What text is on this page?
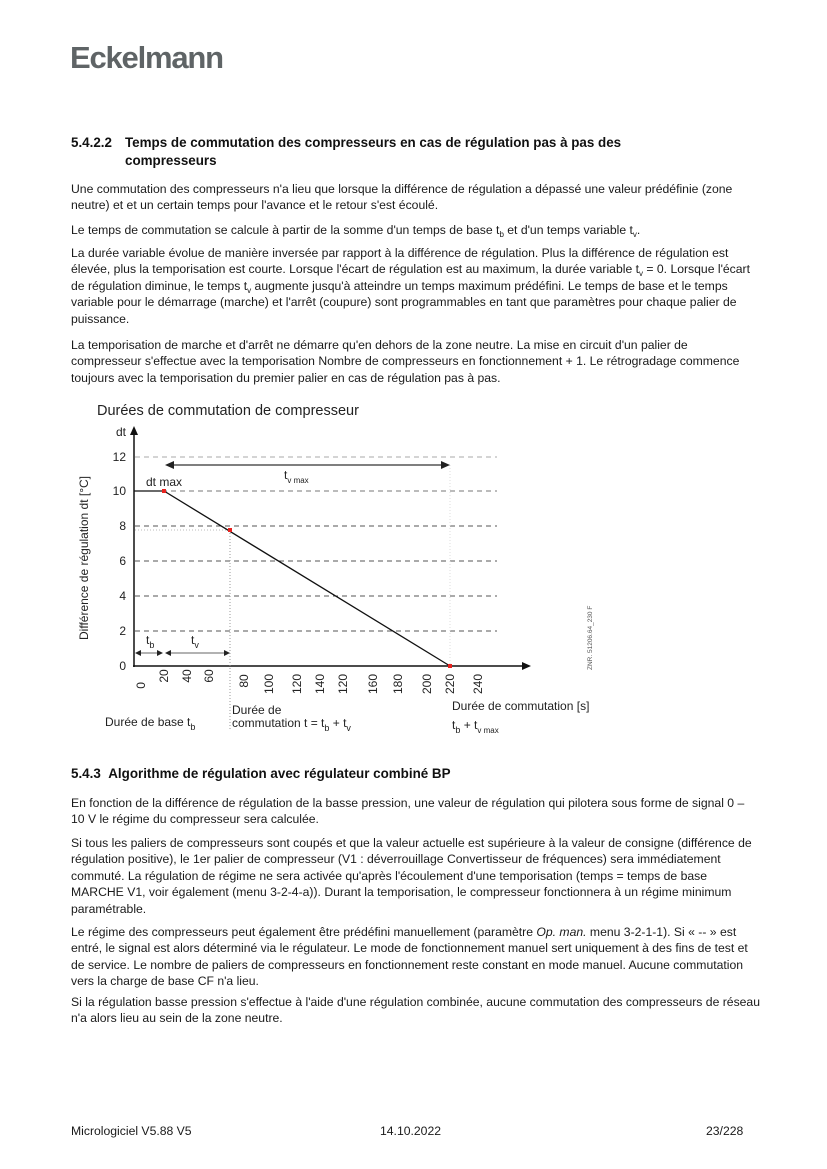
Eckelmann
5.4.2.2 Temps de commutation des compresseurs en cas de régulation pas à pas des
compresseurs

Une commutation des compresseurs n'a lieu que lorsque la différence de régulation a dépassé une valeur prédéfinie (zone neutre) et et un certain temps pour l'avance et le retour s'est écoulé.

Le temps de commutation se calcule à partir de la somme d'un temps de base $t_b$ et d'un temps variable $t_v$.

La durée variable évolue de manière inversée par rapport à la différence de régulation. Plus la différence de régulation est élevée, plus la temporisation est courte. Lorsque l'écart de régulation est au maximum, la durée variable $t_v = 0$. Lorsque l'écart de régulation diminue, le temps $t_v$ augmente jusqu'à atteindre un temps maximum prédéfini. Le temps de base et le temps variable pour le démarrage (marche) et l'arrêt (coupure) sont programmables en tant que paramètres pour chaque palier de puissance.

La temporisation de marche et d'arrêt ne démarre qu'en dehors de la zone neutre. La mise en circuit d'un palier de compresseur s'effectue avec la temporisation Nombre de compresseurs en fonctionnement + 1. Le rétrogradage commence toujours avec la temporisation du premier palier en cas de régulation pas à pas.

Durées de commutation de compresseur
Différence de régulation dt [°C]
dt
0
2
4
6
8
10
12
dt max	$t_{v max}$
$t_b$	$t_v$
0
20 40 60 80 100 120 140 120 160 180 200 220 240
ZNR. 51206.64_230 F
Durée de base $t_b$
Durée de
commutation $t = t_b + t_v$
Durée de commutation [s]
$t_b + t_{v max}$
5.4.3 Algorithme de régulation avec régulateur combiné BP

En fonction de la différence de régulation de la basse pression, une valeur de régulation qui pilotera sous forme de signal 0 – 10 V le régime du compresseur sera calculée.

Si tous les paliers de compresseurs sont coupés et que la valeur actuelle est supérieure à la valeur de consigne (différence de régulation positive), le 1er palier de compresseur (V1 : déverrouillage Convertisseur de fréquences) sera immédiatement commuté. La régulation de régime ne sera activée qu'après l'écoulement d'une temporisation (temps = temps de base MARCHE V1, voir également (menu 3-2-4-a)). Durant la temporisation, le compresseur fonctionnera à un régime minimum paramétrable.

Le régime des compresseurs peut également être prédéfini manuellement (paramètre Op. man. menu 3-2-1-1). Si « -- » est entré, le signal est alors déterminé via le régulateur. Le mode de fonctionnement manuel sert uniquement à des fins de test et de service. Le nombre de paliers de compresseurs en fonctionnement reste constant en mode manuel. Aucune commutation vers la charge de base CF n'a lieu.

Si la régulation basse pression s'effectue à l'aide d'une régulation combinée, aucune commutation des compresseurs de réseau n'a alors lieu au sein de la zone neutre.

Micrologiciel V5.88 V5	14.10.2022	23/228
